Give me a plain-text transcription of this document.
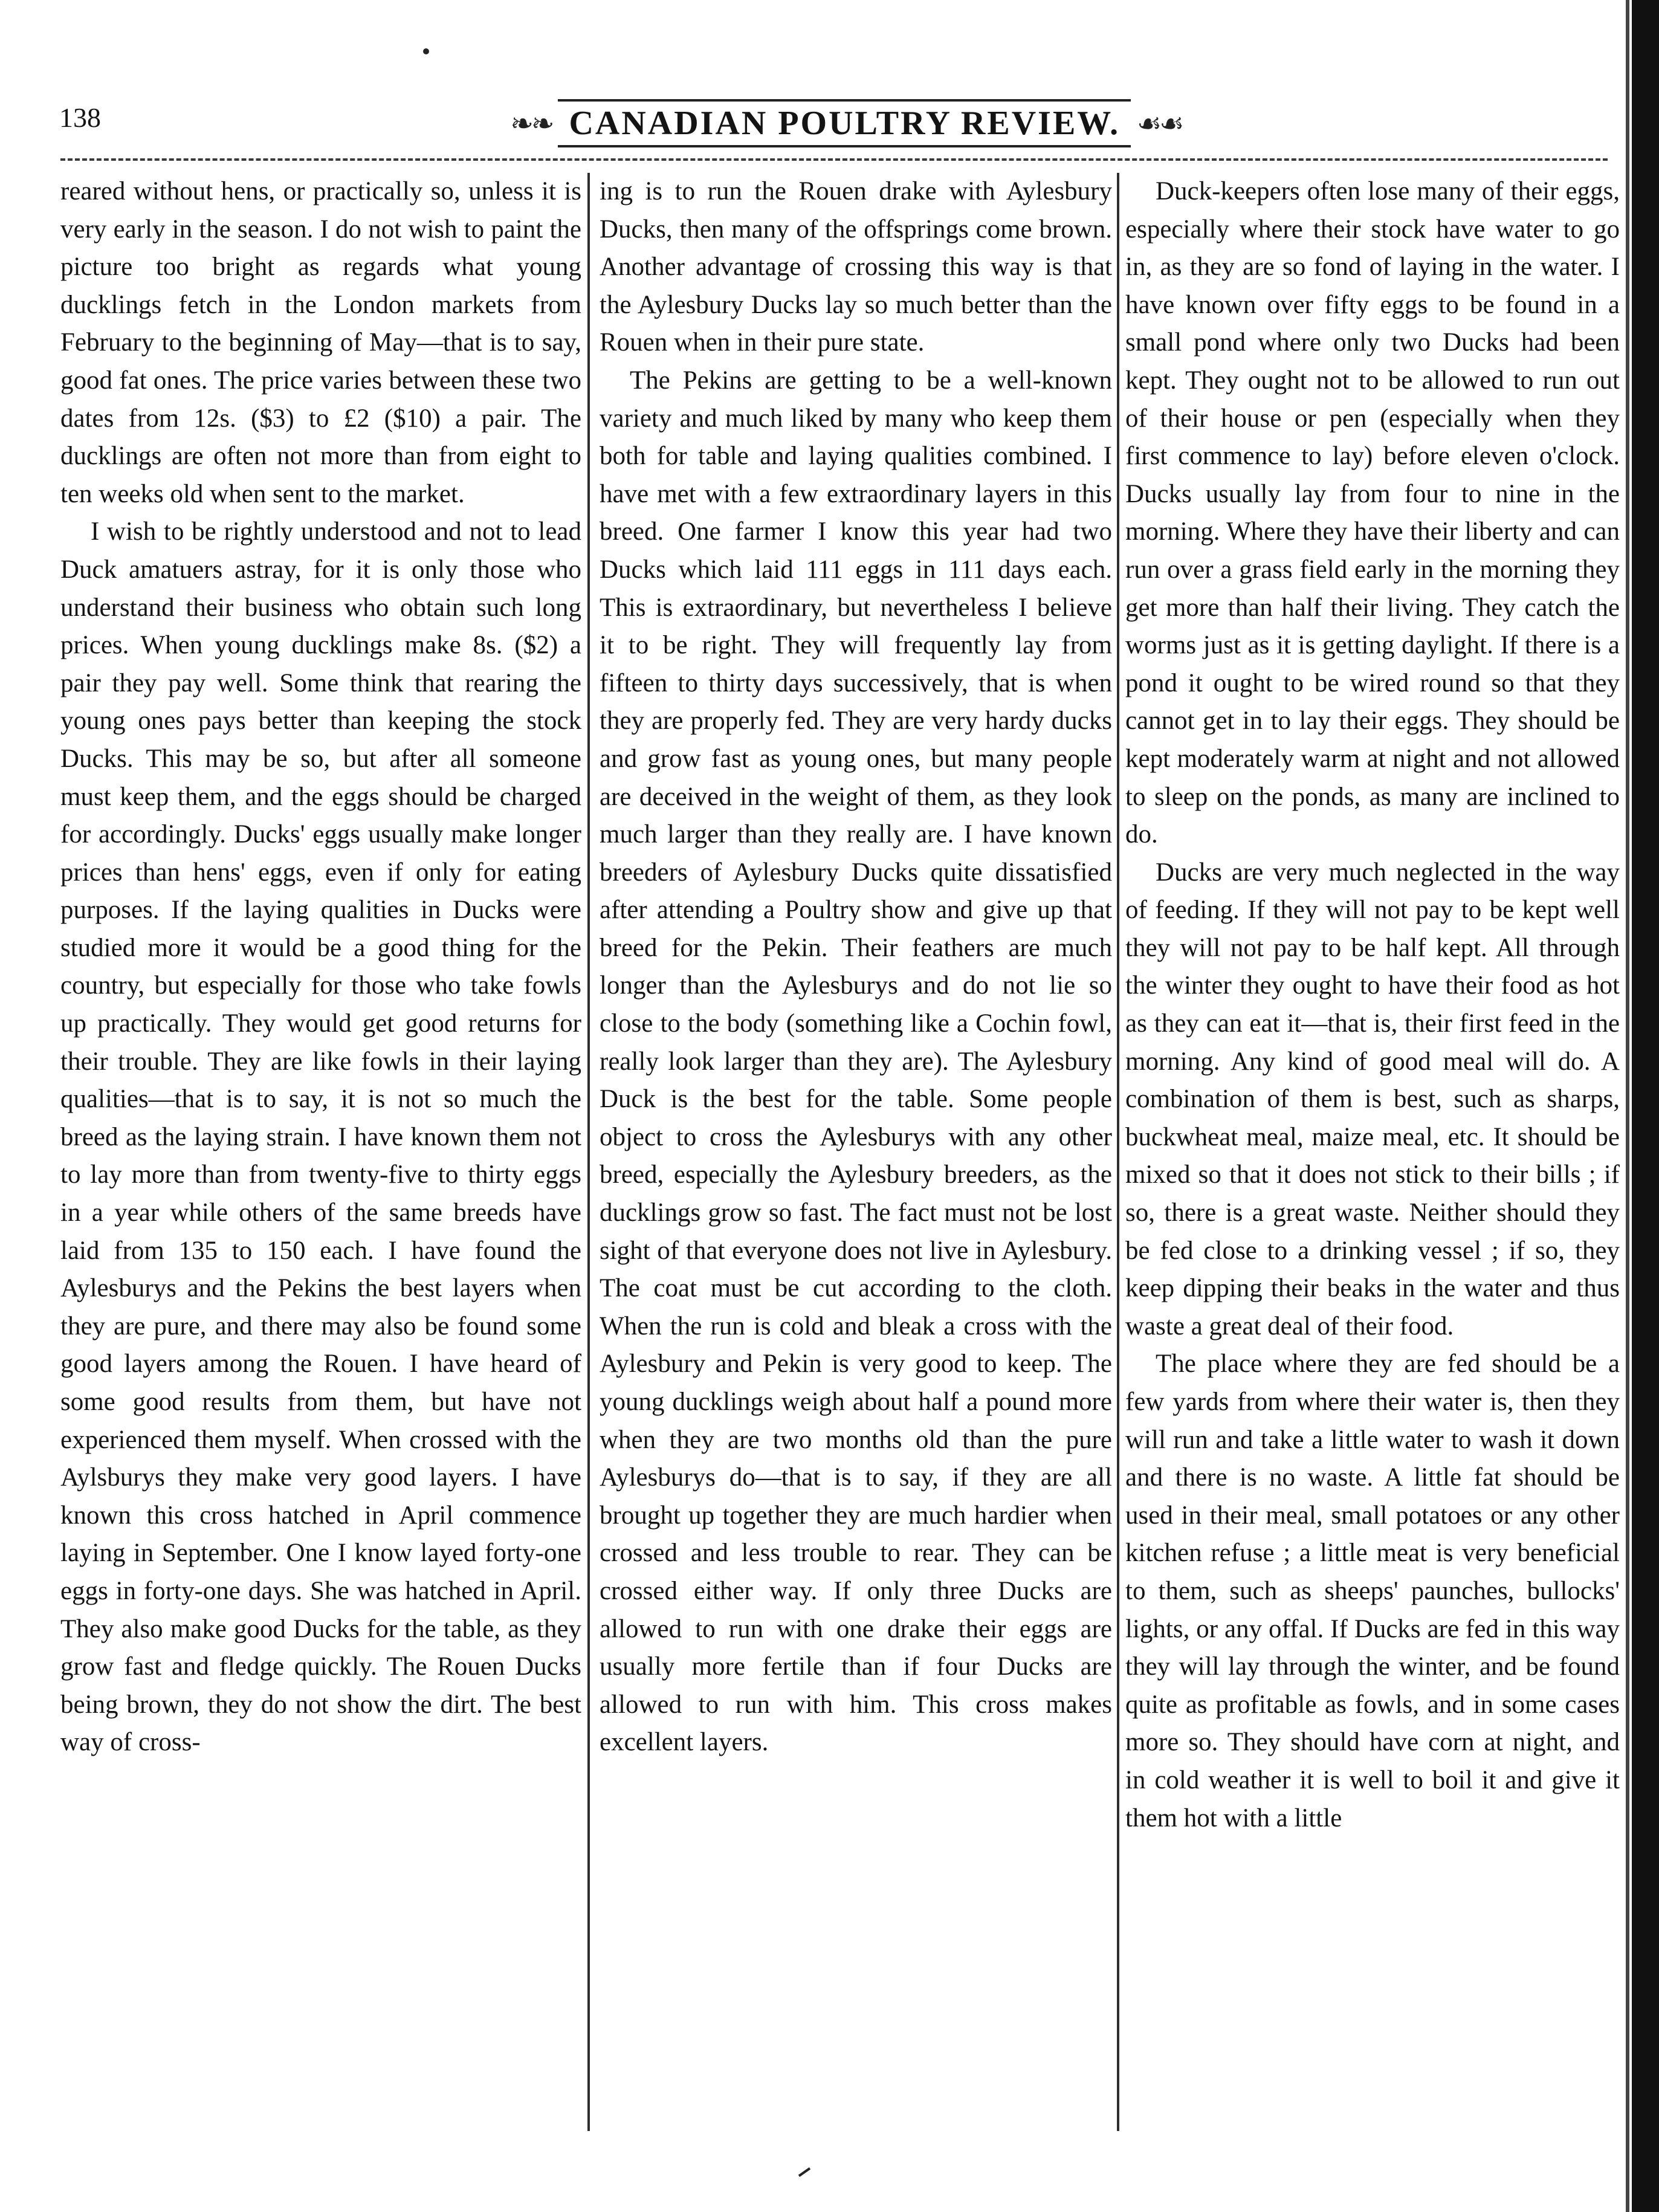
138	❧❧ CANADIAN POULTRY REVIEW. ☙☙

reared without hens, or practically so, unless it is very early in the season. I do not wish to paint the picture too bright as regards what young ducklings fetch in the London markets from February to the beginning of May—that is to say, good fat ones. The price varies between these two dates from 12s. ($3) to £2 ($10) a pair. The ducklings are often not more than from eight to ten weeks old when sent to the market.

I wish to be rightly understood and not to lead Duck amatuers astray, for it is only those who understand their business who obtain such long prices. When young ducklings make 8s. ($2) a pair they pay well. Some think that rearing the young ones pays better than keeping the stock Ducks. This may be so, but after all someone must keep them, and the eggs should be charged for accordingly. Ducks' eggs usually make longer prices than hens' eggs, even if only for eating purposes. If the laying qualities in Ducks were studied more it would be a good thing for the country, but especially for those who take fowls up practically. They would get good returns for their trouble. They are like fowls in their laying qualities—that is to say, it is not so much the breed as the laying strain. I have known them not to lay more than from twenty-five to thirty eggs in a year while others of the same breeds have laid from 135 to 150 each. I have found the Aylesburys and the Pekins the best layers when they are pure, and there may also be found some good layers among the Rouen. I have heard of some good results from them, but have not experienced them myself. When crossed with the Aylsburys they make very good layers. I have known this cross hatched in April commence laying in September. One I know layed forty-one eggs in forty-one days. She was hatched in April. They also make good Ducks for the table, as they grow fast and fledge quickly. The Rouen Ducks being brown, they do not show the dirt. The best way of cross-

ing is to run the Rouen drake with Aylesbury Ducks, then many of the offsprings come brown. Another advantage of crossing this way is that the Aylesbury Ducks lay so much better than the Rouen when in their pure state.

The Pekins are getting to be a well-known variety and much liked by many who keep them both for table and laying qualities combined. I have met with a few extraordinary layers in this breed. One farmer I know this year had two Ducks which laid 111 eggs in 111 days each. This is extraordinary, but nevertheless I believe it to be right. They will frequently lay from fifteen to thirty days successively, that is when they are properly fed. They are very hardy ducks and grow fast as young ones, but many people are deceived in the weight of them, as they look much larger than they really are. I have known breeders of Aylesbury Ducks quite dissatisfied after attending a Poultry show and give up that breed for the Pekin. Their feathers are much longer than the Aylesburys and do not lie so close to the body (something like a Cochin fowl, really look larger than they are). The Aylesbury Duck is the best for the table. Some people object to cross the Aylesburys with any other breed, especially the Aylesbury breeders, as the ducklings grow so fast. The fact must not be lost sight of that everyone does not live in Aylesbury. The coat must be cut according to the cloth. When the run is cold and bleak a cross with the Aylesbury and Pekin is very good to keep. The young ducklings weigh about half a pound more when they are two months old than the pure Aylesburys do—that is to say, if they are all brought up together they are much hardier when crossed and less trouble to rear. They can be crossed either way. If only three Ducks are allowed to run with one drake their eggs are usually more fertile than if four Ducks are allowed to run with him. This cross makes excellent layers.

Duck-keepers often lose many of their eggs, especially where their stock have water to go in, as they are so fond of laying in the water. I have known over fifty eggs to be found in a small pond where only two Ducks had been kept. They ought not to be allowed to run out of their house or pen (especially when they first commence to lay) before eleven o'clock. Ducks usually lay from four to nine in the morning. Where they have their liberty and can run over a grass field early in the morning they get more than half their living. They catch the worms just as it is getting daylight. If there is a pond it ought to be wired round so that they cannot get in to lay their eggs. They should be kept moderately warm at night and not allowed to sleep on the ponds, as many are inclined to do.

Ducks are very much neglected in the way of feeding. If they will not pay to be kept well they will not pay to be half kept. All through the winter they ought to have their food as hot as they can eat it—that is, their first feed in the morning. Any kind of good meal will do. A combination of them is best, such as sharps, buckwheat meal, maize meal, etc. It should be mixed so that it does not stick to their bills ; if so, there is a great waste. Neither should they be fed close to a drinking vessel ; if so, they keep dipping their beaks in the water and thus waste a great deal of their food.

The place where they are fed should be a few yards from where their water is, then they will run and take a little water to wash it down and there is no waste. A little fat should be used in their meal, small potatoes or any other kitchen refuse ; a little meat is very beneficial to them, such as sheeps' paunches, bullocks' lights, or any offal. If Ducks are fed in this way they will lay through the winter, and be found quite as profitable as fowls, and in some cases more so. They should have corn at night, and in cold weather it is well to boil it and give it them hot with a little
